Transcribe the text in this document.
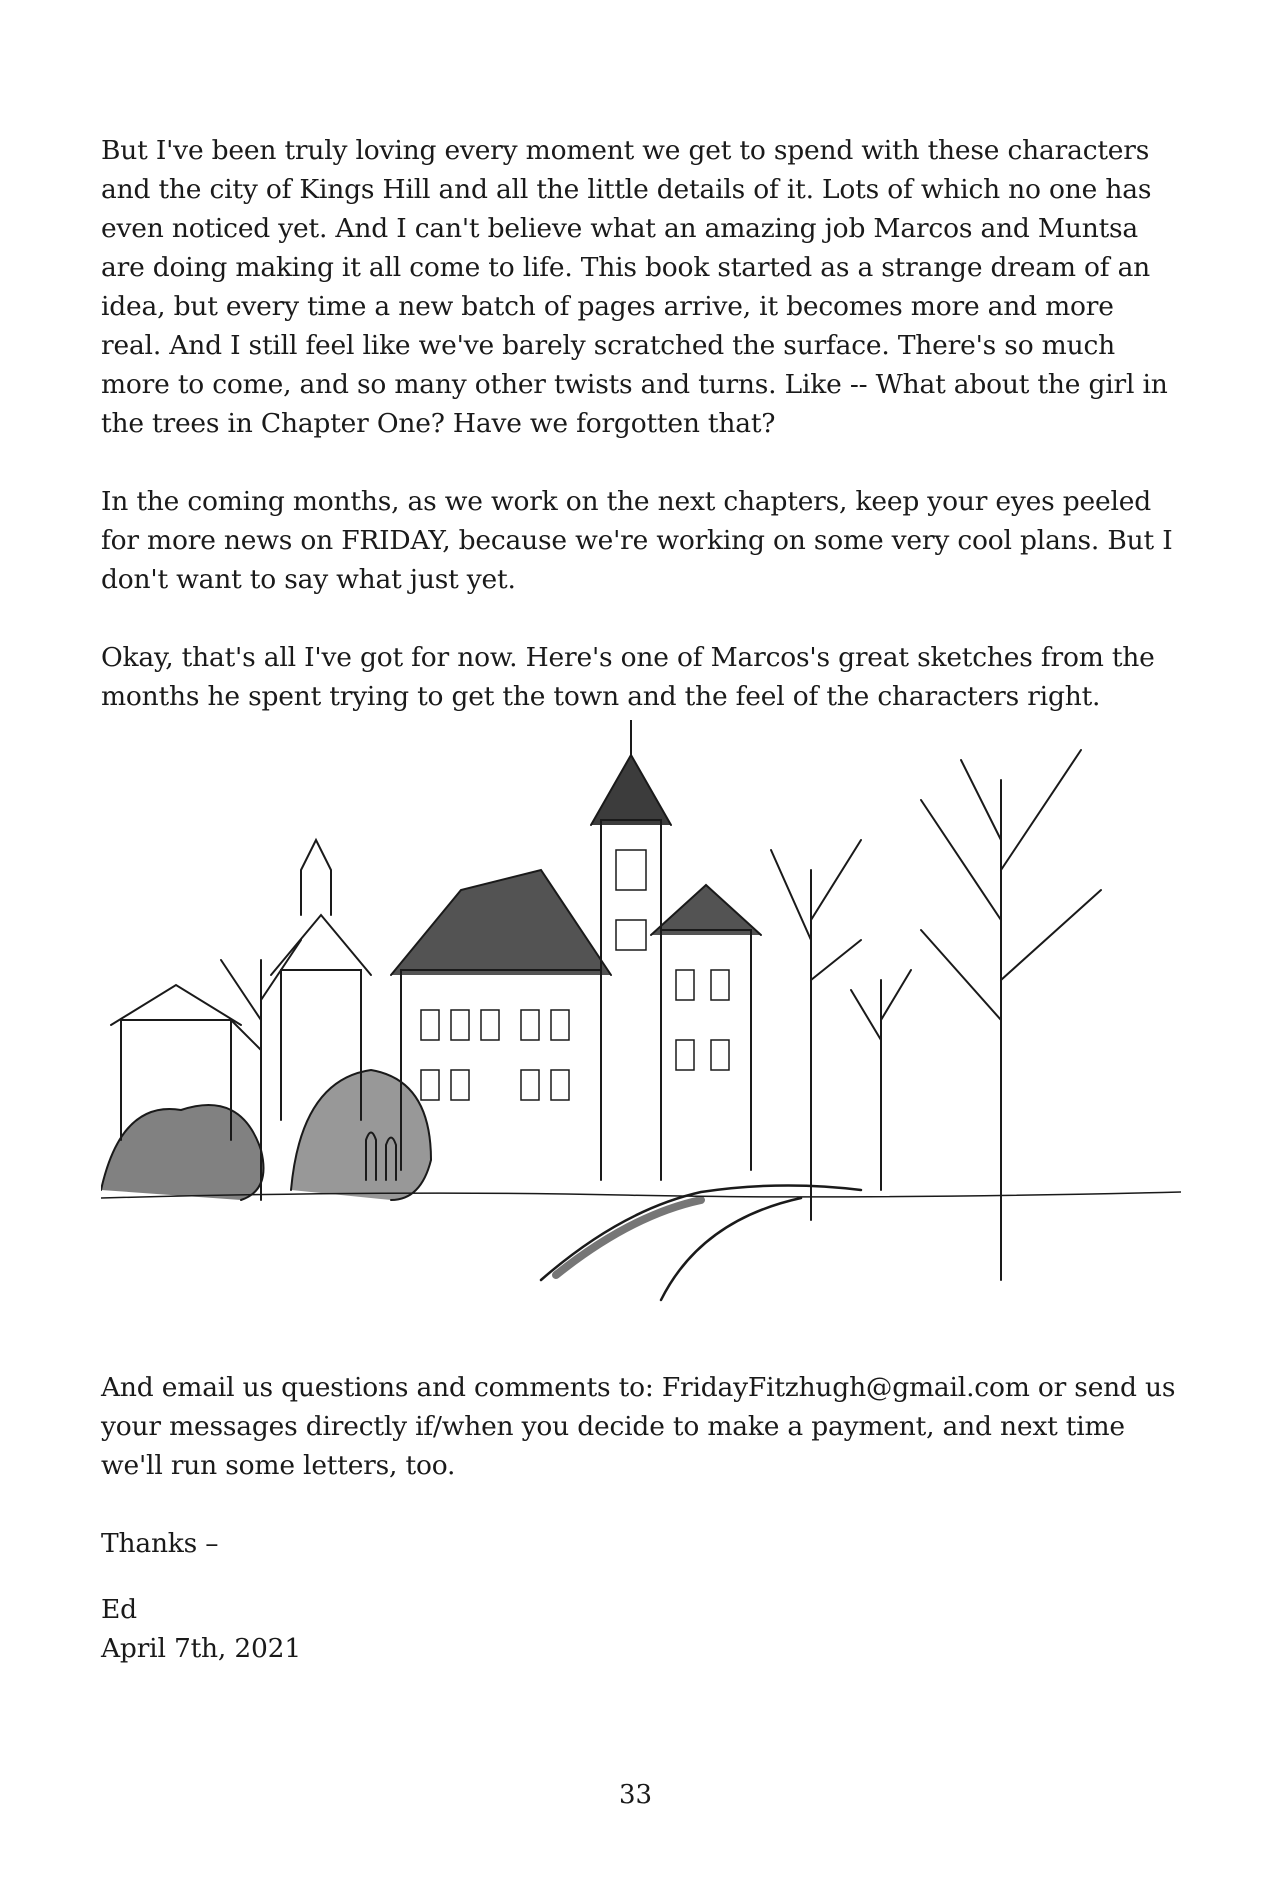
But I've been truly loving every moment we get to spend with these characters and the city of Kings Hill and all the little details of it. Lots of which no one has even noticed yet. And I can't believe what an amazing job Marcos and Muntsa are doing making it all come to life. This book started as a strange dream of an idea, but every time a new batch of pages arrive, it becomes more and more real. And I still feel like we've barely scratched the surface. There's so much more to come, and so many other twists and turns. Like -- What about the girl in the trees in Chapter One? Have we forgotten that?

In the coming months, as we work on the next chapters, keep your eyes peeled for more news on FRIDAY, because we're working on some very cool plans. But I don't want to say what just yet.

Okay, that's all I've got for now. Here's one of Marcos's great sketches from the months he spent trying to get the town and the feel of the characters right.

And email us questions and comments to: FridayFitzhugh@gmail.com or send us your messages directly if/when you decide to make a payment, and next time we'll run some letters, too.

Thanks –

Ed
April 7th, 2021
33
